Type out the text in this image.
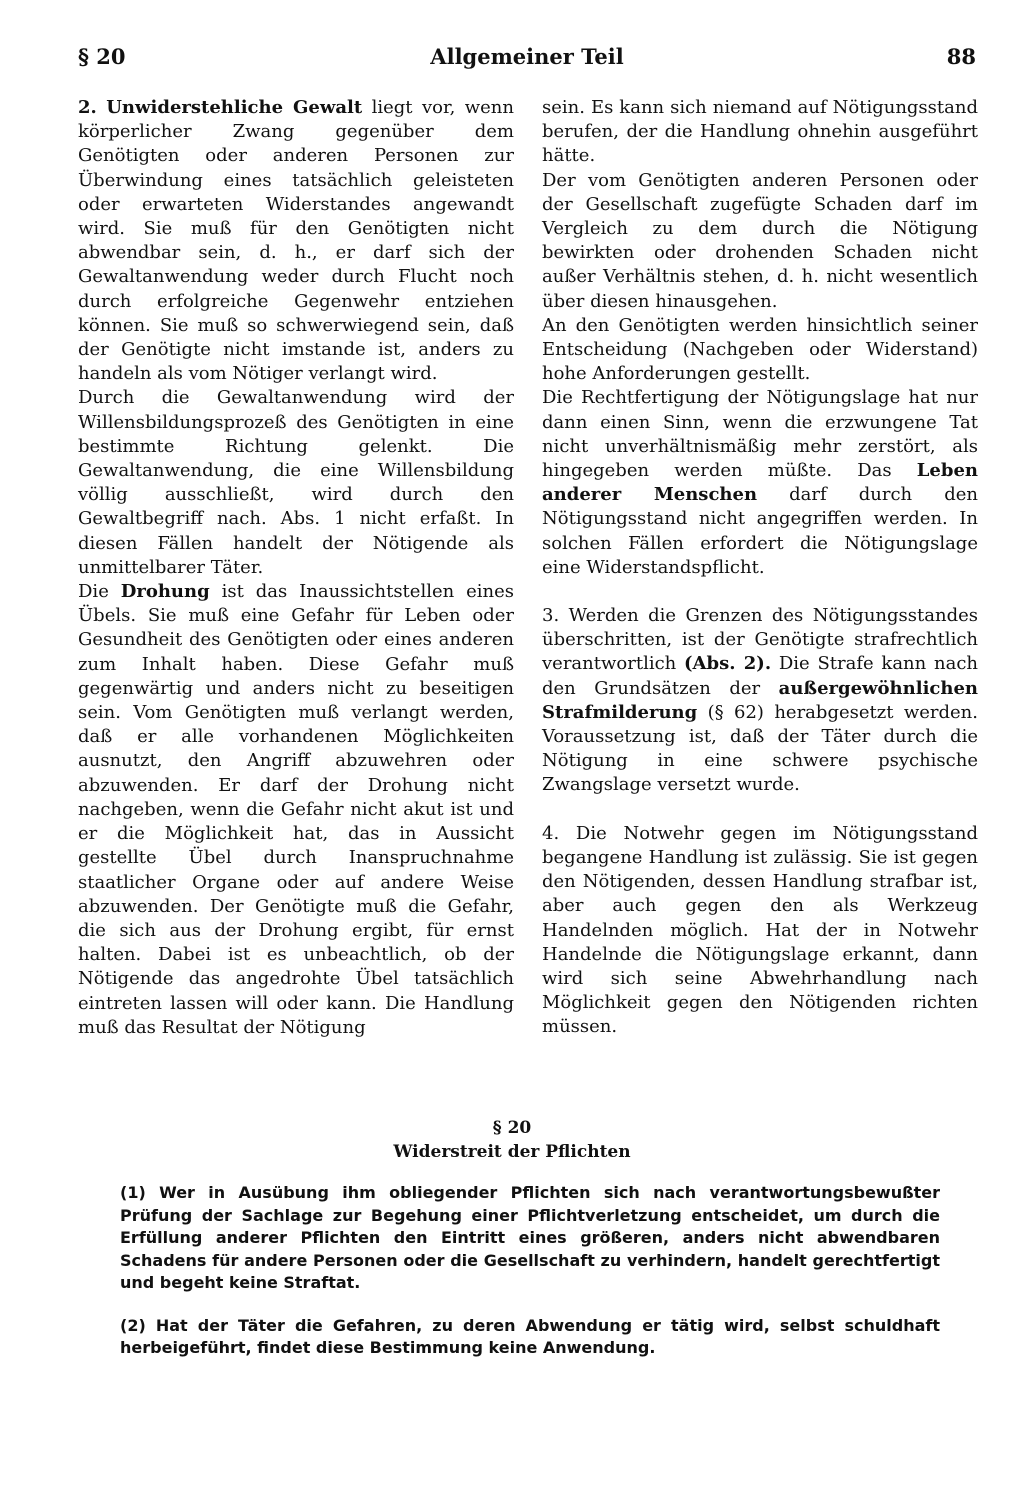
§ 20	Allgemeiner Teil	88

2. Unwiderstehliche Gewalt liegt vor, wenn körperlicher Zwang gegenüber dem Genötigten oder anderen Personen zur Überwindung eines tatsächlich geleisteten oder erwarteten Widerstandes angewandt wird. Sie muß für den Genötigten nicht abwendbar sein, d. h., er darf sich der Gewaltanwendung weder durch Flucht noch durch erfolgreiche Gegenwehr entziehen können. Sie muß so schwerwiegend sein, daß der Genötigte nicht imstande ist, anders zu handeln als vom Nötiger verlangt wird.

Durch die Gewaltanwendung wird der Willensbildungsprozeß des Genötigten in eine bestimmte Richtung gelenkt. Die Gewaltanwendung, die eine Willensbildung völlig ausschließt, wird durch den Gewaltbegriff nach. Abs. 1 nicht erfaßt. In diesen Fällen handelt der Nötigende als unmittelbarer Täter.

Die Drohung ist das Inaussichtstellen eines Übels. Sie muß eine Gefahr für Leben oder Gesundheit des Genötigten oder eines anderen zum Inhalt haben. Diese Gefahr muß gegenwärtig und anders nicht zu beseitigen sein. Vom Genötigten muß verlangt werden, daß er alle vorhandenen Möglichkeiten ausnutzt, den Angriff abzuwehren oder abzuwenden. Er darf der Drohung nicht nachgeben, wenn die Gefahr nicht akut ist und er die Möglichkeit hat, das in Aussicht gestellte Übel durch Inanspruchnahme staatlicher Organe oder auf andere Weise abzuwenden. Der Genötigte muß die Gefahr, die sich aus der Drohung ergibt, für ernst halten. Dabei ist es unbeachtlich, ob der Nötigende das angedrohte Übel tatsächlich eintreten lassen will oder kann. Die Handlung muß das Resultat der Nötigung

sein. Es kann sich niemand auf Nötigungsstand berufen, der die Handlung ohnehin ausgeführt hätte.

Der vom Genötigten anderen Personen oder der Gesellschaft zugefügte Schaden darf im Vergleich zu dem durch die Nötigung bewirkten oder drohenden Schaden nicht außer Verhältnis stehen, d. h. nicht wesentlich über diesen hinausgehen.

An den Genötigten werden hinsichtlich seiner Entscheidung (Nachgeben oder Widerstand) hohe Anforderungen gestellt.

Die Rechtfertigung der Nötigungslage hat nur dann einen Sinn, wenn die erzwungene Tat nicht unverhältnismäßig mehr zerstört, als hingegeben werden müßte. Das Leben anderer Menschen darf durch den Nötigungsstand nicht angegriffen werden. In solchen Fällen erfordert die Nötigungslage eine Widerstandspflicht.

3. Werden die Grenzen des Nötigungsstandes überschritten, ist der Genötigte strafrechtlich verantwortlich (Abs. 2). Die Strafe kann nach den Grundsätzen der außergewöhnlichen Strafmilderung (§ 62) herabgesetzt werden. Voraussetzung ist, daß der Täter durch die Nötigung in eine schwere psychische Zwangslage versetzt wurde.

4. Die Notwehr gegen im Nötigungsstand begangene Handlung ist zulässig. Sie ist gegen den Nötigenden, dessen Handlung strafbar ist, aber auch gegen den als Werkzeug Handelnden möglich. Hat der in Notwehr Handelnde die Nötigungslage erkannt, dann wird sich seine Abwehrhandlung nach Möglichkeit gegen den Nötigenden richten müssen.

§ 20
Widerstreit der Pflichten

(1) Wer in Ausübung ihm obliegender Pflichten sich nach verantwortungsbewußter Prüfung der Sachlage zur Begehung einer Pflichtverletzung entscheidet, um durch die Erfüllung anderer Pflichten den Eintritt eines größeren, anders nicht abwendbaren Schadens für andere Personen oder die Gesellschaft zu verhindern, handelt gerechtfertigt und begeht keine Straftat.

(2) Hat der Täter die Gefahren, zu deren Abwendung er tätig wird, selbst schuldhaft herbeigeführt, findet diese Bestimmung keine Anwendung.
